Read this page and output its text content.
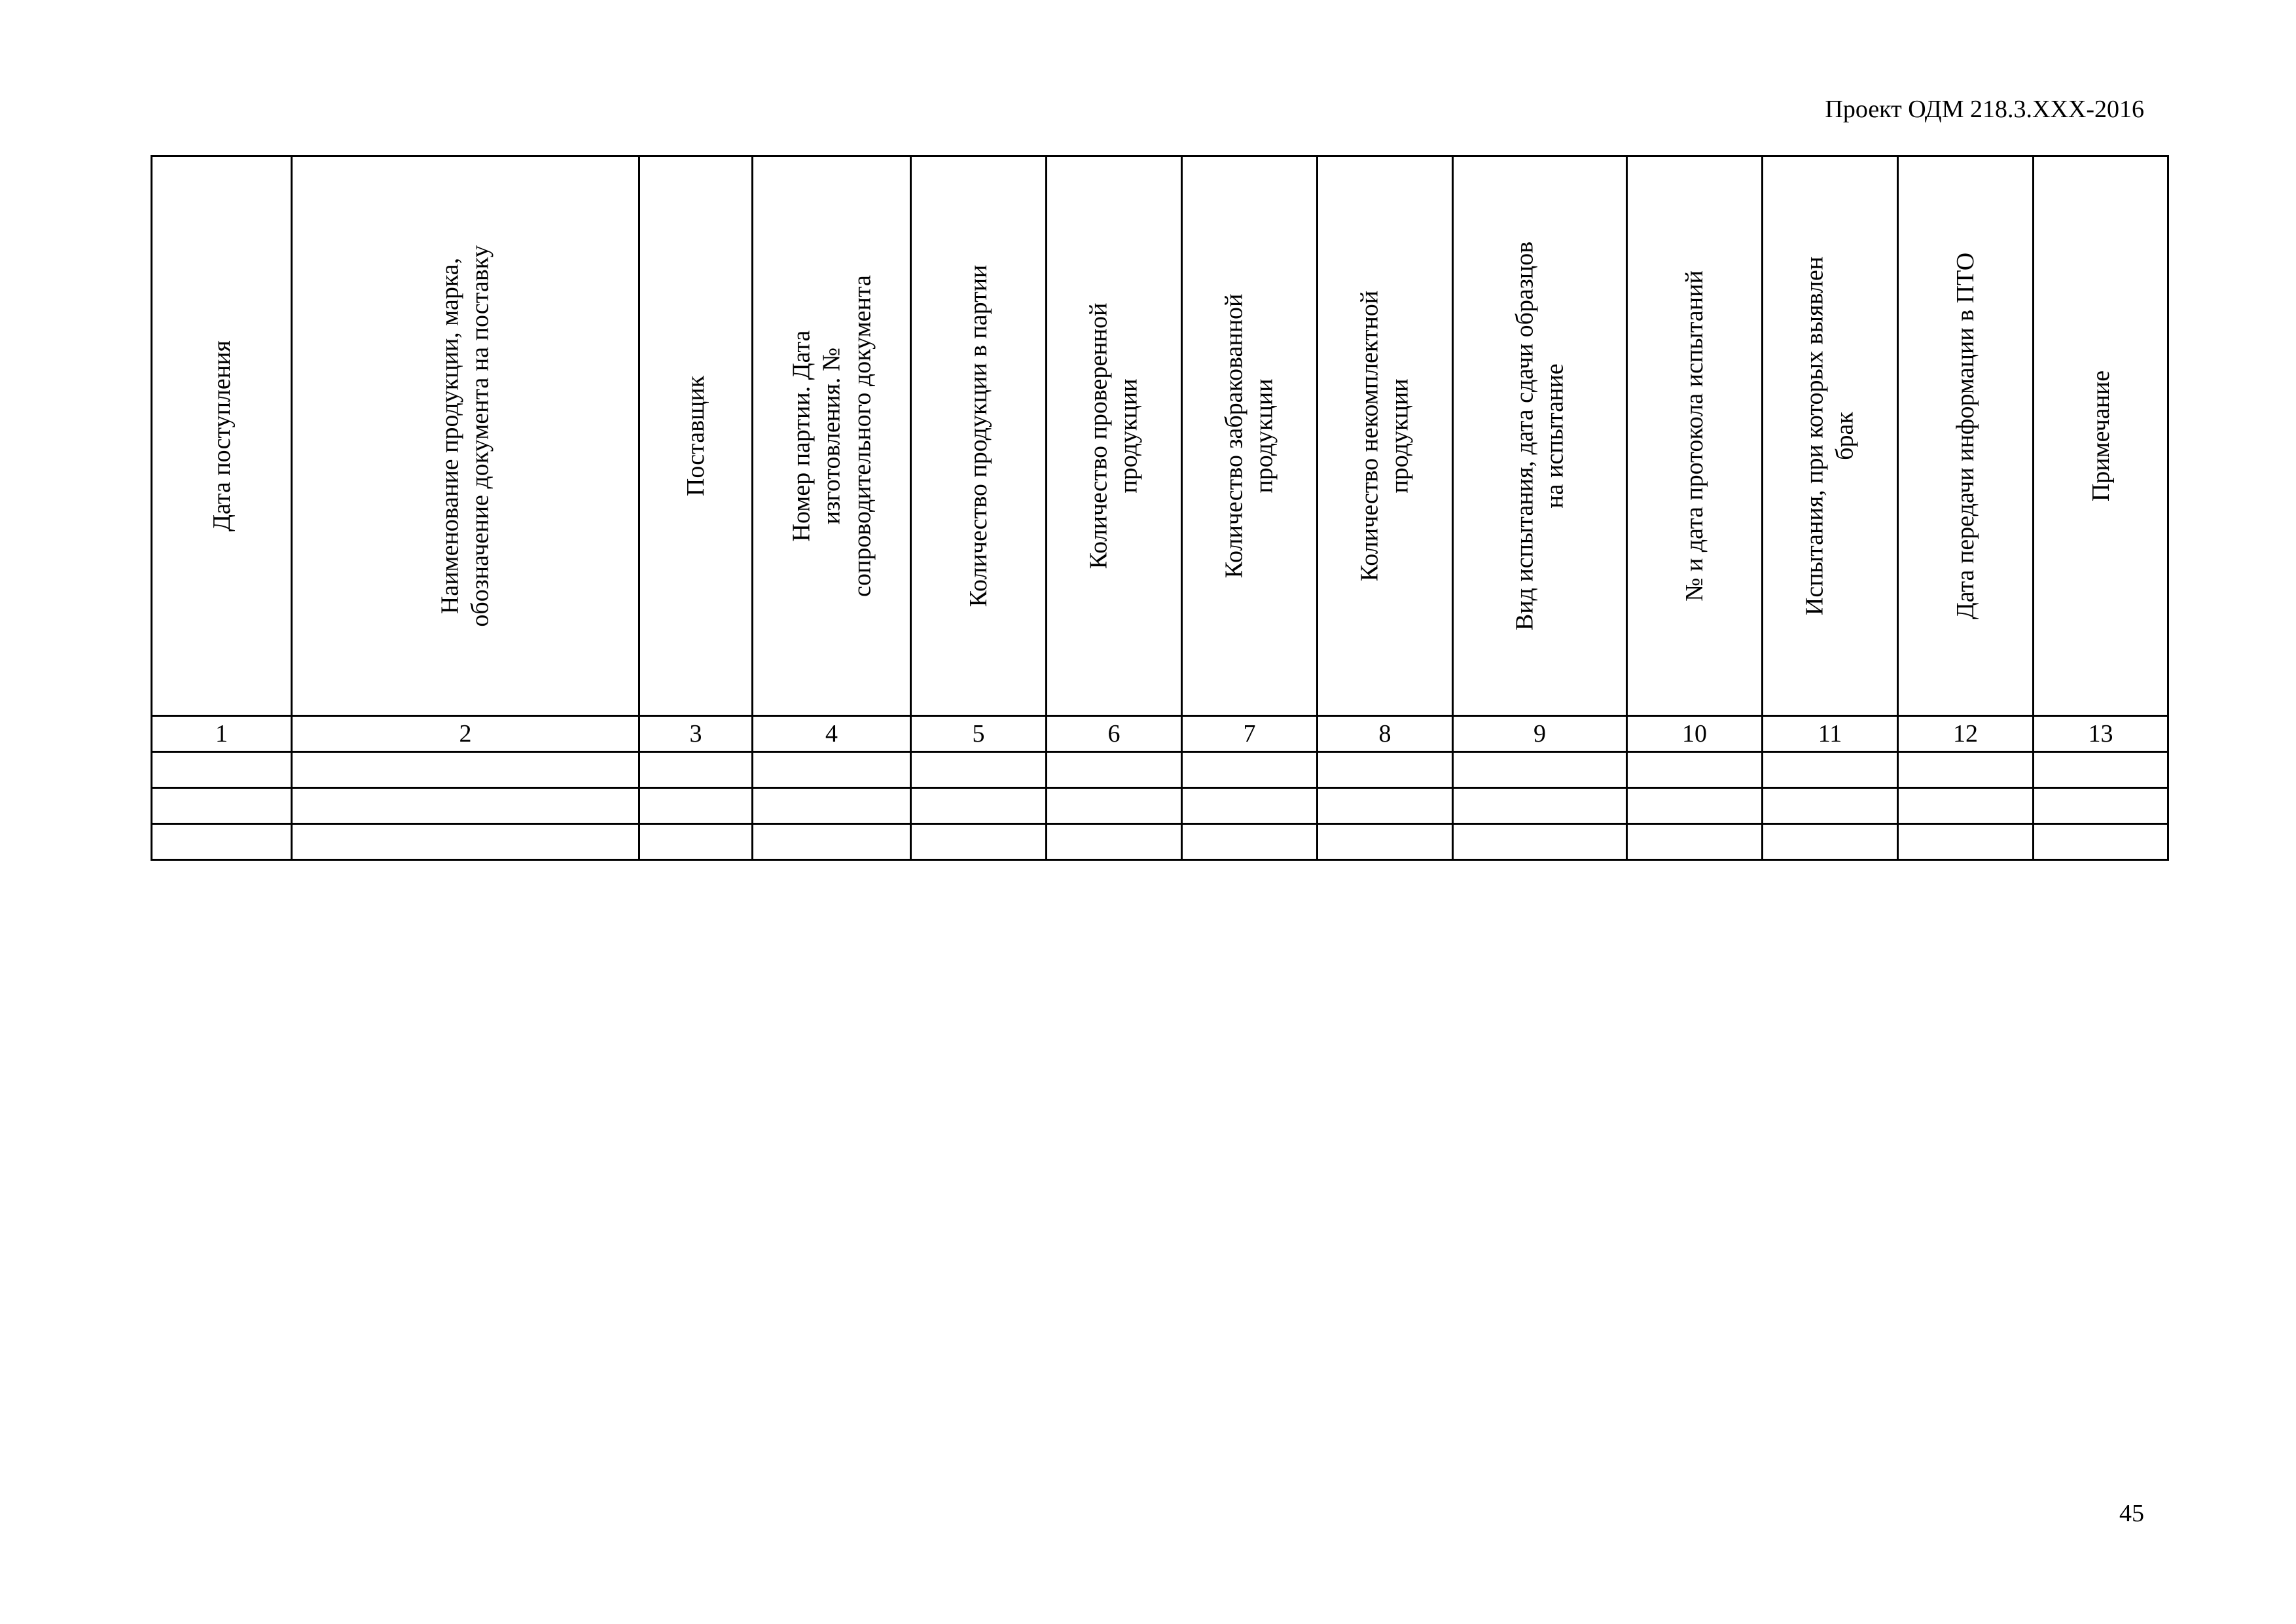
Проект ОДМ 218.3.XXX-2016
Дата поступления	Наименование продукции, марка, обозначение документа на поставку	Поставщик	Номер партии. Дата изготовления. № сопроводительного документа	Количество продукции в партии	Количество проверенной продукции	Количество забракованной продукции	Количество некомплектной продукции	Вид испытания, дата сдачи образцов на испытание	№ и дата протокола испытаний	Испытания, при которых выявлен брак	Дата передачи информации в ПТО	Примечание

1	2	3	4	5	6	7	8	9	10	11	12	13

45
